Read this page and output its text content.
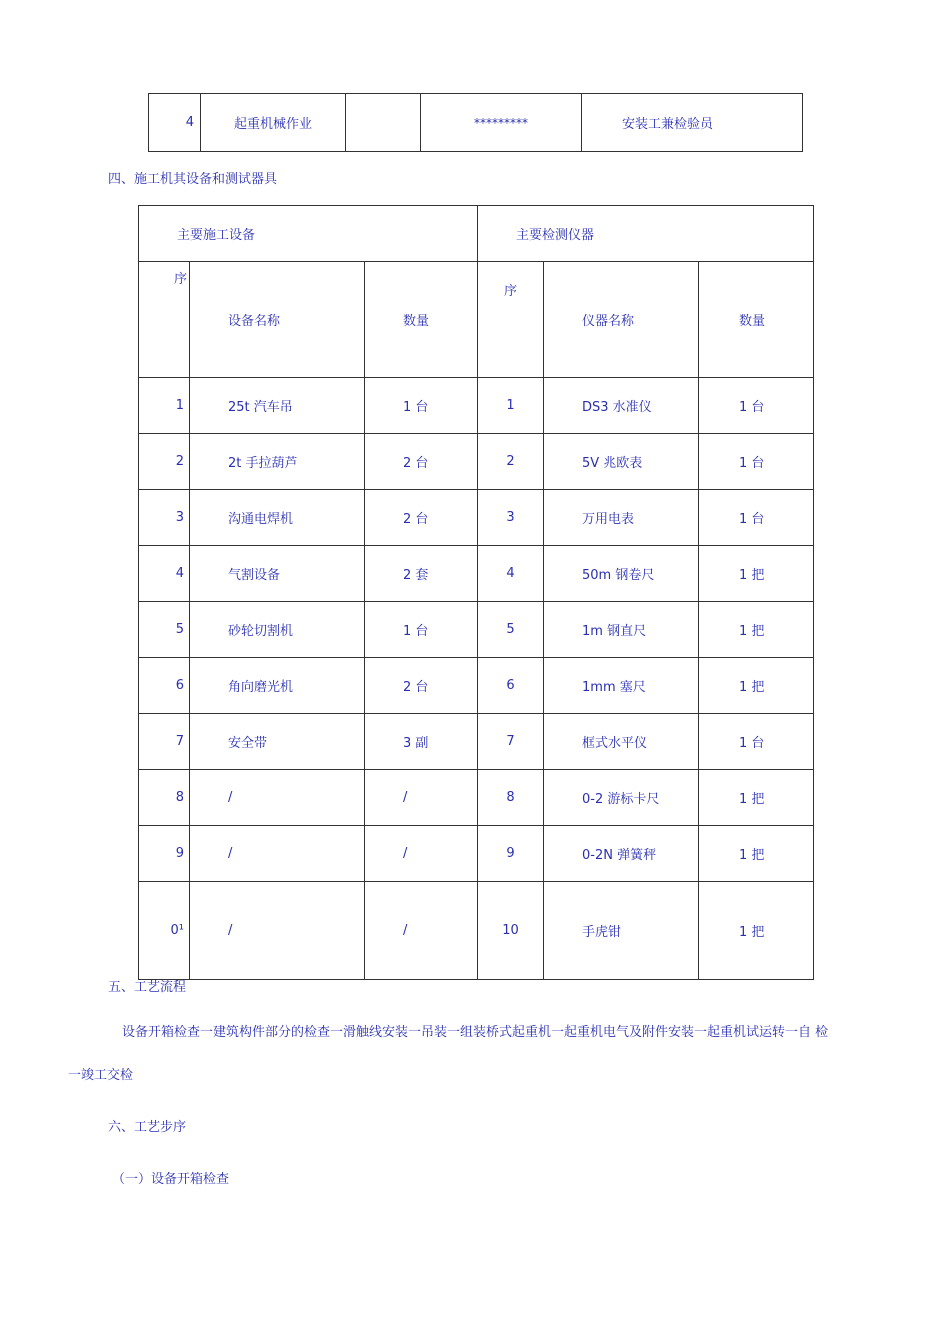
4	起重机械作业		*********	安装工兼检验员
四、施工机其设备和测试器具
主要施工设备			主要检测仪器		
序	设备名称	数量	序	仪器名称	数量
1	25t 汽车吊	1 台	1	DS3 水准仪	1 台
2	2t 手拉葫芦	2 台	2	5V 兆欧表	1 台
3	沟通电焊机	2 台	3	万用电表	1 台
4	气割设备	2 套	4	50m 钢卷尺	1 把
5	砂轮切割机	1 台	5	1m 钢直尺	1 把
6	角向磨光机	2 台	6	1mm 塞尺	1 把
7	安全带	3 副	7	框式水平仪	1 台
8	/	/	8	0-2 游标卡尺	1 把
9	/	/	9	0-2N 弹簧秤	1 把
0¹	/	/	10	手虎钳	1 把
五、工艺流程
设备开箱检查一建筑构件部分的检查一滑触线安装一吊装一组装桥式起重机一起重机电气及附件安装一起重机试运转一自 检
一竣工交检
六、工艺步序
（一）设备开箱检查
